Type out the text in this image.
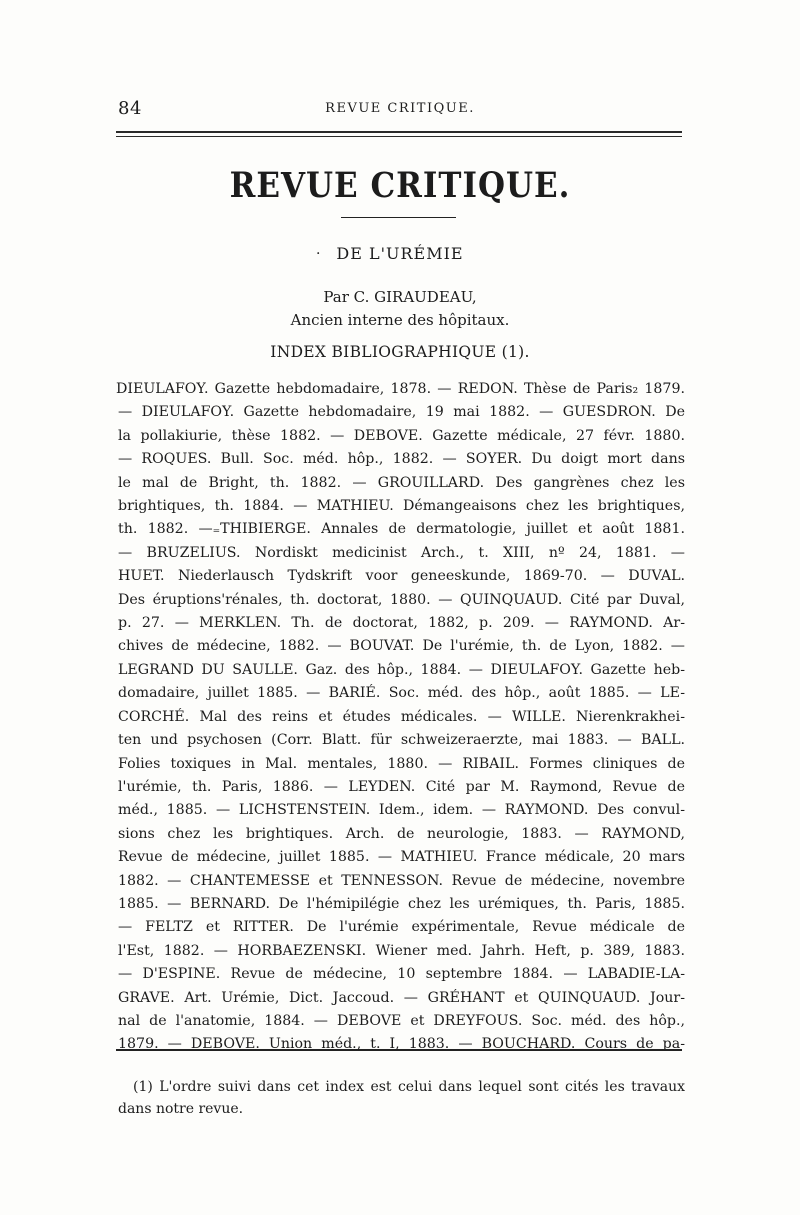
84	REVUE CRITIQUE.
REVUE CRITIQUE.
· DE L'URÉMIE
Par C. GIRAUDEAU,
Ancien interne des hôpitaux.
INDEX BIBLIOGRAPHIQUE (1).
DIEULAFOY. Gazette hebdomadaire, 1878. — REDON. Thèse de Paris₂ 1879.
— DIEULAFOY. Gazette hebdomadaire, 19 mai 1882. — GUESDRON. De
la pollakiurie, thèse 1882. — DEBOVE. Gazette médicale, 27 févr. 1880.
— ROQUES. Bull. Soc. méd. hôp., 1882. — SOYER. Du doigt mort dans
le mal de Bright, th. 1882. — GROUILLARD. Des gangrènes chez les
brightiques, th. 1884. — MATHIEU. Démangeaisons chez les brightiques,
th. 1882. —₌THIBIERGE. Annales de dermatologie, juillet et août 1881.
— BRUZELIUS. Nordiskt medicinist Arch., t. XIII, nº 24, 1881. —
HUET. Niederlausch Tydskrift voor geneeskunde, 1869-70. — DUVAL.
Des éruptions'rénales, th. doctorat, 1880. — QUINQUAUD. Cité par Duval,
p. 27. — MERKLEN. Th. de doctorat, 1882, p. 209. — RAYMOND. Ar-
chives de médecine, 1882. — BOUVAT. De l'urémie, th. de Lyon, 1882. —
LEGRAND DU SAULLE. Gaz. des hôp., 1884. — DIEULAFOY. Gazette heb-
domadaire, juillet 1885. — BARIÉ. Soc. méd. des hôp., août 1885. — LE-
CORCHÉ. Mal des reins et études médicales. — WILLE. Nierenkrakhei-
ten und psychosen (Corr. Blatt. für schweizeraerzte, mai 1883. — BALL.
Folies toxiques in Mal. mentales, 1880. — RIBAIL. Formes cliniques de
l'urémie, th. Paris, 1886. — LEYDEN. Cité par M. Raymond, Revue de
méd., 1885. — LICHSTENSTEIN. Idem., idem. — RAYMOND. Des convul-
sions chez les brightiques. Arch. de neurologie, 1883. — RAYMOND,
Revue de médecine, juillet 1885. — MATHIEU. France médicale, 20 mars
1882. — CHANTEMESSE et TENNESSON. Revue de médecine, novembre
1885. — BERNARD. De l'hémipilégie chez les urémiques, th. Paris, 1885.
— FELTZ et RITTER. De l'urémie expérimentale, Revue médicale de
l'Est, 1882. — HORBAEZENSKI. Wiener med. Jahrh. Heft, p. 389, 1883.
— D'ESPINE. Revue de médecine, 10 septembre 1884. — LABADIE-LA-
GRAVE. Art. Urémie, Dict. Jaccoud. — GRÉHANT et QUINQUAUD. Jour-
nal de l'anatomie, 1884. — DEBOVE et DREYFOUS. Soc. méd. des hôp.,
1879. — DEBOVE. Union méd., t. I, 1883. — BOUCHARD. Cours de pa-
(1) L'ordre suivi dans cet index est celui dans lequel sont cités les travaux
dans notre revue.
